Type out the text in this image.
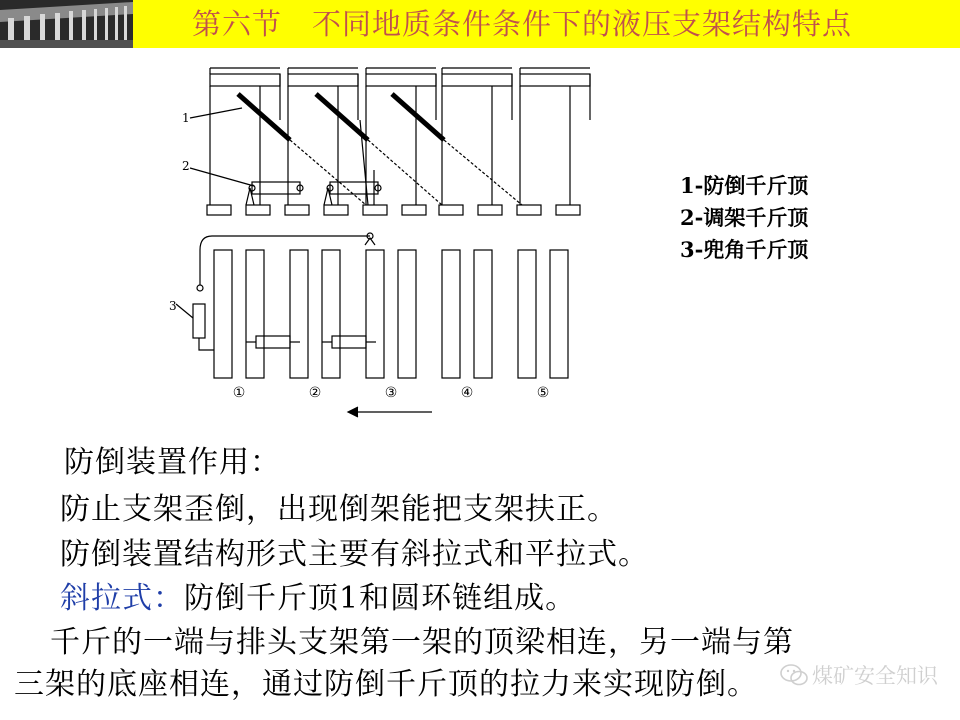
第六节　不同地质条件条件下的液压支架结构特点
1
2
3
①	②	③	④	⑤
1-防倒千斤顶
2-调架千斤顶
3-兜角千斤顶
防倒装置作用：
防止支架歪倒，出现倒架能把支架扶正。
防倒装置结构形式主要有斜拉式和平拉式。
斜拉式：防倒千斤顶1和圆环链组成。
千斤的一端与排头支架第一架的顶梁相连，另一端与第
三架的底座相连，通过防倒千斤顶的拉力来实现防倒。	煤矿安全知识
